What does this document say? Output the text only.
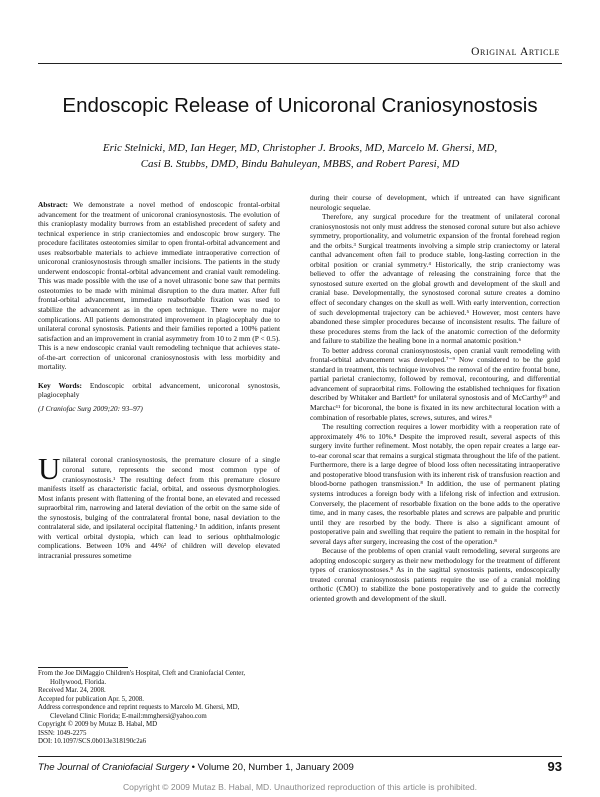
Original Article
Endoscopic Release of Unicoronal Craniosynostosis
Eric Stelnicki, MD, Ian Heger, MD, Christopher J. Brooks, MD, Marcelo M. Ghersi, MD,
Casi B. Stubbs, DMD, Bindu Bahuleyan, MBBS, and Robert Paresi, MD

Abstract: We demonstrate a novel method of endoscopic frontal-orbital advancement for the treatment of unicoronal craniosynostosis. The evolution of this cranioplasty modality burrows from an established precedent of safety and technical experience in strip craniectomies and endoscopic brow surgery. The procedure facilitates osteotomies similar to open frontal-orbital advancement and uses reabsorbable materials to achieve immediate intraoperative correction of unicoronal craniosynostosis through smaller incisions. The patients in the study underwent endoscopic frontal-orbital advancement and cranial vault remodeling. This was made possible with the use of a novel ultrasonic bone saw that permits osteotomies to be made with minimal disruption to the dura matter. After full frontal-orbital advancement, immediate reabsorbable fixation was used to stabilize the advancement as in the open technique. There were no major complications. All patients demonstrated improvement in plagiocephaly due to unilateral coronal synostosis. Patients and their families reported a 100% patient satisfaction and an improvement in cranial asymmetry from 10 to 2 mm (P < 0.5). This is a new endoscopic cranial vault remodeling technique that achieves state-of-the-art correction of unicoronal craniosynostosis with less morbidity and mortality.

Key Words: Endoscopic orbital advancement, unicoronal synostosis, plagiocephaly

(J Craniofac Surg 2009;20: 93–97)

Unilateral coronal craniosynostosis, the premature closure of a single coronal suture, represents the second most common type of craniosynostosis.¹ The resulting defect from this premature closure manifests itself as characteristic facial, orbital, and osseous dysmorphologies. Most infants present with flattening of the frontal bone, an elevated and recessed supraorbital rim, narrowing and lateral deviation of the orbit on the same side of the synostosis, bulging of the contralateral frontal bone, nasal deviation to the contralateral side, and ipsilateral occipital flattening.¹ In addition, infants present with vertical orbital dystopia, which can lead to serious ophthalmologic complications. Between 10% and 44%² of children will develop elevated intracranial pressures sometime

during their course of development, which if untreated can have significant neurologic sequelae.

Therefore, any surgical procedure for the treatment of unilateral coronal craniosynostosis not only must address the stenosed coronal suture but also achieve symmetry, proportionality, and volumetric expansion of the frontal forehead region and the orbits.³ Surgical treatments involving a simple strip craniectomy or lateral canthal advancement often fail to produce stable, long-lasting correction in the orbital position or cranial symmetry.⁴ Historically, the strip craniectomy was believed to offer the advantage of releasing the constraining force that the synostosed suture exerted on the global growth and development of the skull and cranial base. Developmentally, the synostosed coronal suture creates a domino effect of secondary changes on the skull as well. With early intervention, correction of such developmental trajectory can be achieved.⁵ However, most centers have abandoned these simpler procedures because of inconsistent results. The failure of these procedures stems from the lack of the anatomic correction of the deformity and failure to stabilize the healing bone in a normal anatomic position.⁶

To better address coronal craniosynostosis, open cranial vault remodeling with frontal-orbital advancement was developed.⁷⁻⁹ Now considered to be the gold standard in treatment, this technique involves the removal of the entire frontal bone, partial parietal craniectomy, followed by removal, recontouring, and differential advancement of supraorbital rims. Following the established techniques for fixation described by Whitaker and Bartlett⁹ for unilateral synostosis and of McCarthy¹⁰ and Marchac¹¹ for bicoronal, the bone is fixated in its new architectural location with a combination of resorbable plates, screws, sutures, and wires.⁸

The resulting correction requires a lower morbidity with a reoperation rate of approximately 4% to 10%.⁸ Despite the improved result, several aspects of this surgery invite further refinement. Most notably, the open repair creates a large ear-to-ear coronal scar that remains a surgical stigmata throughout the life of the patient. Furthermore, there is a large degree of blood loss often necessitating intraoperative and postoperative blood transfusion with its inherent risk of transfusion reaction and blood-borne pathogen transmission.⁸ In addition, the use of permanent plating systems introduces a foreign body with a lifelong risk of infection and extrusion. Conversely, the placement of resorbable fixation on the bone adds to the operative time, and in many cases, the resorbable plates and screws are palpable and pruritic until they are resorbed by the body. There is also a significant amount of postoperative pain and swelling that require the patient to remain in the hospital for several days after surgery, increasing the cost of the operation.⁸

Because of the problems of open cranial vault remodeling, several surgeons are adopting endoscopic surgery as their new methodology for the treatment of different types of craniosynostoses.⁸ As in the sagittal synostosis patients, endoscopically treated coronal craniosynostosis patients require the use of a cranial molding orthotic (CMO) to stabilize the bone postoperatively and to guide the correctly oriented growth and development of the skull.

From the Joe DiMaggio Children's Hospital, Cleft and Craniofacial Center,
Hollywood, Florida.
Received Mar. 24, 2008.
Accepted for publication Apr. 5, 2008.
Address correspondence and reprint requests to Marcelo M. Ghersi, MD,
Cleveland Clinic Florida; E-mail:mmghersi@yahoo.com
Copyright © 2009 by Mutaz B. Habal, MD
ISSN: 1049-2275
DOI: 10.1097/SCS.0b013e318190c2a6
The Journal of Craniofacial Surgery • Volume 20, Number 1, January 2009	93
Copyright © 2009 Mutaz B. Habal, MD. Unauthorized reproduction of this article is prohibited.
